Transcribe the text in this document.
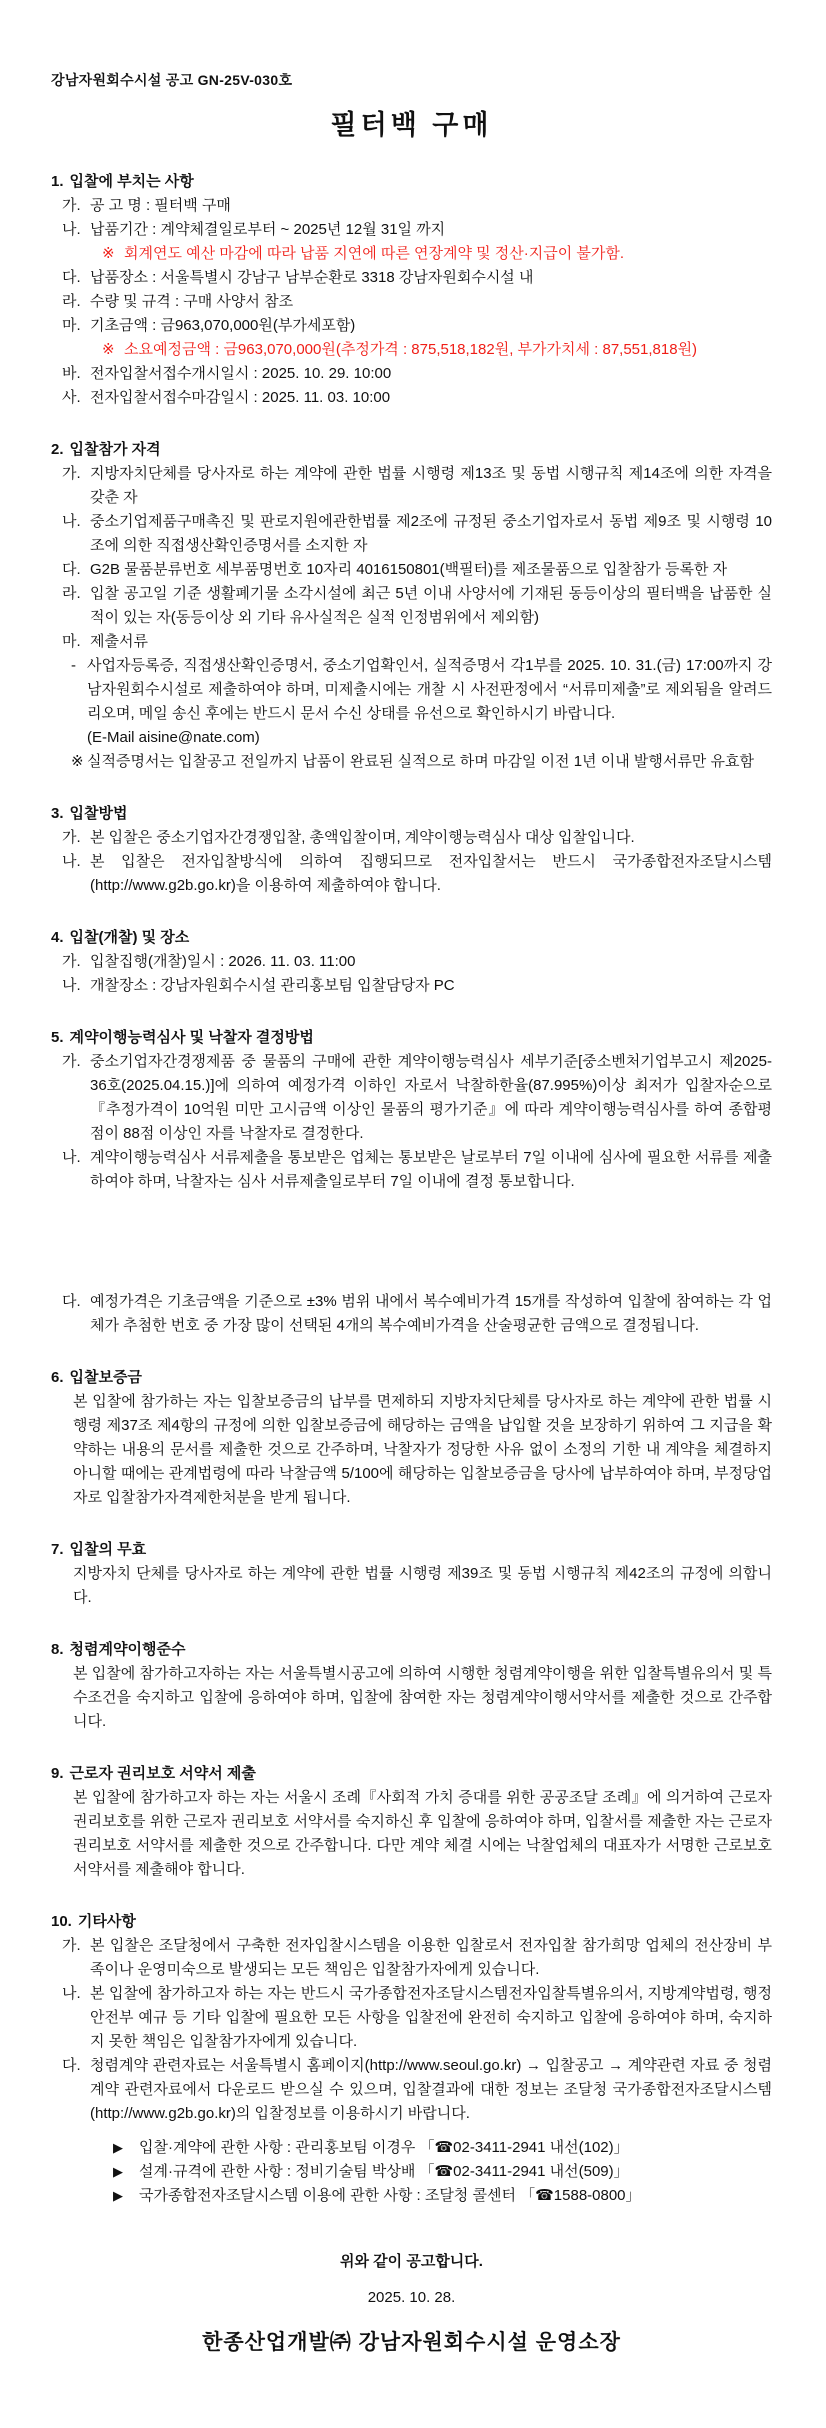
강남자원회수시설 공고 GN-25V-030호
필터백 구매
1. 입찰에 부치는 사항
가. 공 고 명 : 필터백 구매
나. 납품기간 : 계약체결일로부터 ~ 2025년 12월 31일 까지
※ 회계연도 예산 마감에 따라 납품 지연에 따른 연장계약 및 정산·지급이 불가함.
다. 납품장소 : 서울특별시 강남구 남부순환로 3318 강남자원회수시설 내
라. 수량 및 규격 : 구매 사양서 참조
마. 기초금액 : 금963,070,000원(부가세포함)
※ 소요예정금액 : 금963,070,000원(추정가격 : 875,518,182원, 부가가치세 : 87,551,818원)
바. 전자입찰서접수개시일시 : 2025. 10. 29. 10:00
사. 전자입찰서접수마감일시 : 2025. 11. 03. 10:00
2. 입찰참가 자격
가. 지방자치단체를 당사자로 하는 계약에 관한 법률 시행령 제13조 및 동법 시행규칙 제14조에 의한 자격을 갖춘 자
나. 중소기업제품구매촉진 및 판로지원에관한법률 제2조에 규정된 중소기업자로서 동법 제9조 및 시행령 10조에 의한 직접생산확인증명서를 소지한 자
다. G2B 물품분류번호 세부품명번호 10자리 4016150801(백필터)를 제조물품으로 입찰참가 등록한 자
라. 입찰 공고일 기준 생활폐기물 소각시설에 최근 5년 이내 사양서에 기재된 동등이상의 필터백을 납품한 실적이 있는 자(동등이상 외 기타 유사실적은 실적 인정범위에서 제외함)
마. 제출서류
- 사업자등록증, 직접생산확인증명서, 중소기업확인서, 실적증명서 각1부를 2025. 10. 31.(금) 17:00까지 강남자원회수시설로 제출하여야 하며, 미제출시에는 개찰 시 사전판정에서 “서류미제출”로 제외됨을 알려드리오며, 메일 송신 후에는 반드시 문서 수신 상태를 유선으로 확인하시기 바랍니다.
(E-Mail aisine@nate.com)
※ 실적증명서는 입찰공고 전일까지 납품이 완료된 실적으로 하며 마감일 이전 1년 이내 발행서류만 유효함
3. 입찰방법
가. 본 입찰은 중소기업자간경쟁입찰, 총액입찰이며, 계약이행능력심사 대상 입찰입니다.
나. 본 입찰은 전자입찰방식에 의하여 집행되므로 전자입찰서는 반드시 국가종합전자조달시스템 (http://www.g2b.go.kr)을 이용하여 제출하여야 합니다.
4. 입찰(개찰) 및 장소
가. 입찰집행(개찰)일시 : 2026. 11. 03. 11:00
나. 개찰장소 : 강남자원회수시설 관리홍보팀 입찰담당자 PC
5. 계약이행능력심사 및 낙찰자 결정방법
가. 중소기업자간경쟁제품 중 물품의 구매에 관한 계약이행능력심사 세부기준[중소벤처기업부고시 제2025-36호(2025.04.15.)]에 의하여 예정가격 이하인 자로서 낙찰하한율(87.995%)이상 최저가 입찰자순으로 『추정가격이 10억원 미만 고시금액 이상인 물품의 평가기준』에 따라 계약이행능력심사를 하여 종합평점이 88점 이상인 자를 낙찰자로 결정한다.
나. 계약이행능력심사 서류제출을 통보받은 업체는 통보받은 날로부터 7일 이내에 심사에 필요한 서류를 제출하여야 하며, 낙찰자는 심사 서류제출일로부터 7일 이내에 결정 통보합니다.
다. 예정가격은 기초금액을 기준으로 ±3% 범위 내에서 복수예비가격 15개를 작성하여 입찰에 참여하는 각 업체가 추첨한 번호 중 가장 많이 선택된 4개의 복수예비가격을 산술평균한 금액으로 결정됩니다.
6. 입찰보증금
본 입찰에 참가하는 자는 입찰보증금의 납부를 면제하되 지방자치단체를 당사자로 하는 계약에 관한 법률 시행령 제37조 제4항의 규정에 의한 입찰보증금에 해당하는 금액을 납입할 것을 보장하기 위하여 그 지급을 확약하는 내용의 문서를 제출한 것으로 간주하며, 낙찰자가 정당한 사유 없이 소정의 기한 내 계약을 체결하지 아니할 때에는 관계법령에 따라 낙찰금액 5/100에 해당하는 입찰보증금을 당사에 납부하여야 하며, 부정당업자로 입찰참가자격제한처분을 받게 됩니다.
7. 입찰의 무효
지방자치 단체를 당사자로 하는 계약에 관한 법률 시행령 제39조 및 동법 시행규칙 제42조의 규정에 의합니다.
8. 청렴계약이행준수
본 입찰에 참가하고자하는 자는 서울특별시공고에 의하여 시행한 청렴계약이행을 위한 입찰특별유의서 및 특수조건을 숙지하고 입찰에 응하여야 하며, 입찰에 참여한 자는 청렴계약이행서약서를 제출한 것으로 간주합니다.
9. 근로자 권리보호 서약서 제출
본 입찰에 참가하고자 하는 자는 서울시 조례『사회적 가치 증대를 위한 공공조달 조례』에 의거하여 근로자 권리보호를 위한 근로자 권리보호 서약서를 숙지하신 후 입찰에 응하여야 하며, 입찰서를 제출한 자는 근로자 권리보호 서약서를 제출한 것으로 간주합니다. 다만 계약 체결 시에는 낙찰업체의 대표자가 서명한 근로보호서약서를 제출해야 합니다.
10. 기타사항
가. 본 입찰은 조달청에서 구축한 전자입찰시스템을 이용한 입찰로서 전자입찰 참가희망 업체의 전산장비 부족이나 운영미숙으로 발생되는 모든 책임은 입찰참가자에게 있습니다.
나. 본 입찰에 참가하고자 하는 자는 반드시 국가종합전자조달시스템전자입찰특별유의서, 지방계약법령, 행정안전부 예규 등 기타 입찰에 필요한 모든 사항을 입찰전에 완전히 숙지하고 입찰에 응하여야 하며, 숙지하지 못한 책임은 입찰참가자에게 있습니다.
다. 청렴계약 관련자료는 서울특별시 홈페이지(http://www.seoul.go.kr) → 입찰공고 → 계약관련 자료 중 청렴계약 관련자료에서 다운로드 받으실 수 있으며, 입찰결과에 대한 정보는 조달청 국가종합전자조달시스템(http://www.g2b.go.kr)의 입찰정보를 이용하시기 바랍니다.
▶	입찰·계약에 관한 사항 : 관리홍보팀 이경우 「☎02-3411-2941 내선(102)」
▶	설계·규격에 관한 사항 : 정비기술팀 박상배 「☎02-3411-2941 내선(509)」
▶	국가종합전자조달시스템 이용에 관한 사항 : 조달청 콜센터 「☎1588-0800」
위와 같이 공고합니다.
2025. 10. 28.
한종산업개발㈜ 강남자원회수시설 운영소장
